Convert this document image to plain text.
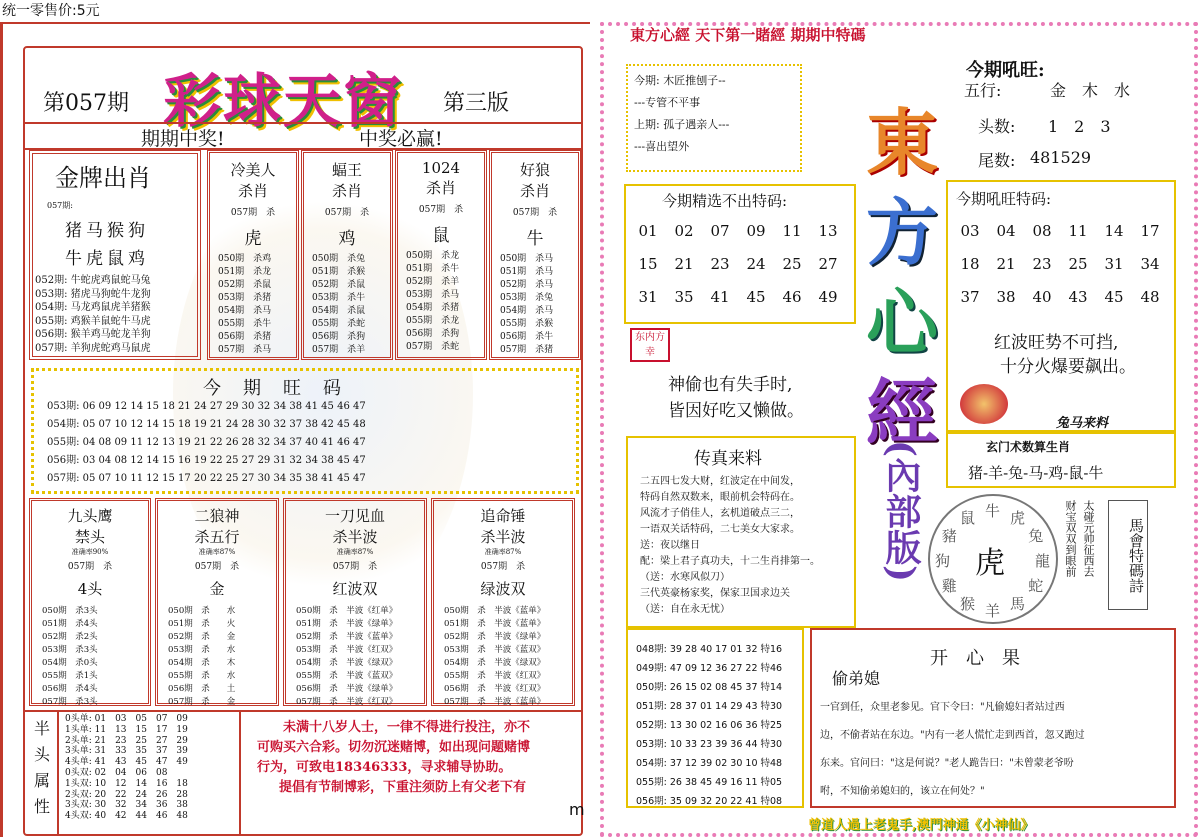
统一零售价:5元
第057期 彩球天窗 第三版
期期中奖!	中奖必赢!
金牌出肖
057期:
猪马猴狗
牛虎鼠鸡
052期: 牛蛇虎鸡鼠蛇马兔
053期: 猪虎马狗蛇牛龙狗
054期: 马龙鸡鼠虎羊猪猴
055期: 鸡猴羊鼠蛇牛马虎
056期: 猴羊鸡马蛇龙羊狗
057期: 羊狗虎蛇鸡马鼠虎
冷美人
杀肖
057期　杀
虎
050期　杀鸡
051期　杀龙
052期　杀鼠
053期　杀猪
054期　杀马
055期　杀牛
056期　杀猪
057期　杀马
蝠王
杀肖
057期　杀
鸡
050期　杀兔
051期　杀猴
052期　杀鼠
053期　杀牛
054期　杀鼠
055期　杀蛇
056期　杀狗
057期　杀羊
1024
杀肖
057期　杀
鼠
050期　杀龙
051期　杀牛
052期　杀羊
053期　杀马
054期　杀猪
055期　杀龙
056期　杀狗
057期　杀蛇
好狼
杀肖
057期　杀
牛
050期　杀马
051期　杀马
052期　杀马
053期　杀兔
054期　杀马
055期　杀猴
056期　杀牛
057期　杀猪
今　期　旺　码
053期: 06 09 12 14 15 18 21 24 27 29 30 32 34 38 41 45 46 47
054期: 05 07 10 12 14 15 18 19 21 24 28 30 32 37 38 42 45 48
055期: 04 08 09 11 12 13 19 21 22 26 28 32 34 37 40 41 46 47
056期: 03 04 08 12 14 15 16 19 22 25 27 29 31 32 34 38 45 47
057期: 05 07 10 11 12 15 17 20 22 25 27 30 34 35 38 41 45 47
九头鹰
禁头
准确率90%
057期　杀
4头
050期　杀3头
051期　杀4头
052期　杀2头
053期　杀3头
054期　杀0头
055期　杀1头
056期　杀4头
057期　杀3头
二狼神
杀五行
准确率87%
057期　杀
金
050期　杀　　水
051期　杀　　火
052期　杀　　金
053期　杀　　水
054期　杀　　木
055期　杀　　水
056期　杀　　土
057期　杀　　金
一刀见血
杀半波
准确率87%
057期　杀
红波双
050期　杀　半波《红单》
051期　杀　半波《绿单》
052期　杀　半波《蓝单》
053期　杀　半波《红双》
054期　杀　半波《绿双》
055期　杀　半波《蓝双》
056期　杀　半波《绿单》
057期　杀　半波《红双》
追命锤
杀半波
准确率87%
057期　杀
绿波双
050期　杀　半波《蓝单》
051期　杀　半波《蓝单》
052期　杀　半波《绿单》
053期　杀　半波《蓝双》
054期　杀　半波《绿双》
055期　杀　半波《红双》
056期　杀　半波《红双》
057期　杀　半波《蓝单》
半
头
属
性
0头单: 01　03　05　07　09
1头单: 11　13　15　17　19
2头单: 21　23　25　27　29
3头单: 31　33　35　37　39
4头单: 41　43　45　47　49
0头双: 02　04　06　08
1头双: 10　12　14　16　18
2头双: 20　22　24　26　28
3头双: 30　32　34　36　38
4头双: 40　42　44　46　48
未满十八岁人士，一律不得进行投注，亦不
可购买六合彩。切勿沉迷赌博，如出现问题赌博
行为，可致电18346333，寻求辅导协助。
提倡有节制博彩，下重注须防上有父老下有
m
東方心經 天下第一賭經 期期中特碼
今期: 木匠推刨子--
---专管不平事
上期: 孤子遇亲人---
---喜出望外	東
方
心
經
(內部版)
今期吼旺:
五行:	金　木　水
头数: 1　2　3
尾数: 481529
今期精选不出特码:
01	02	07	09	11	13
15	21	23	24	25	27
31	35	41	45	46	49
今期吼旺特码:
03	04	08	11	14	17
18	21	23	25	31	34
37	38	40	43	45	48
红波旺势不可挡,
十分火爆要飙出。
兔马来料
东内方幸
神偷也有失手时,
皆因好吃又懒做。
玄门术数算生肖
猪-羊-兔-马-鸡-鼠-牛
传真来料
二五四七发大财，红波定在中间发，
特码自然双数来，眼前机会特码在。
风流才子俏佳人，玄机道破点三二，
一语双关话特码，二七美女大家求。
送：夜以继日
配：梁上君子真功夫，十二生肖排第一。
（送：水寒风似刀）
三代英豪杨家奖，保家卫国求边关
（送：自在永无忧）
牛 虎
兔
龍
蛇
馬
羊
猴
雞
狗
豬
鼠
虎	财宝双双到眼前 太碰元帅征西去	馬會特碼詩
048期: 39 28 40 17 01 32 特16
049期: 47 09 12 36 27 22 特46
050期: 26 15 02 08 45 37 特14
051期: 28 37 01 14 29 43 特30
052期: 13 30 02 16 06 36 特25
053期: 10 33 23 39 36 44 特30
054期: 37 12 39 02 30 10 特48
055期: 26 38 45 49 16 11 特05
056期: 35 09 32 20 22 41 特08
开　心　果
偷弟媳
一官到任，众里老参见。官下令曰："凡偷媳妇者站过西
边，不偷者站在东边。"内有一老人慌忙走到西首，忽又跑过
东来。官问曰："这是何说？"老人跪告曰："未曾蒙老爷吩
咐，不知偷弟媳妇的，该立在何处？"
曾道人過上老鬼手,澳門神通《小神仙》
